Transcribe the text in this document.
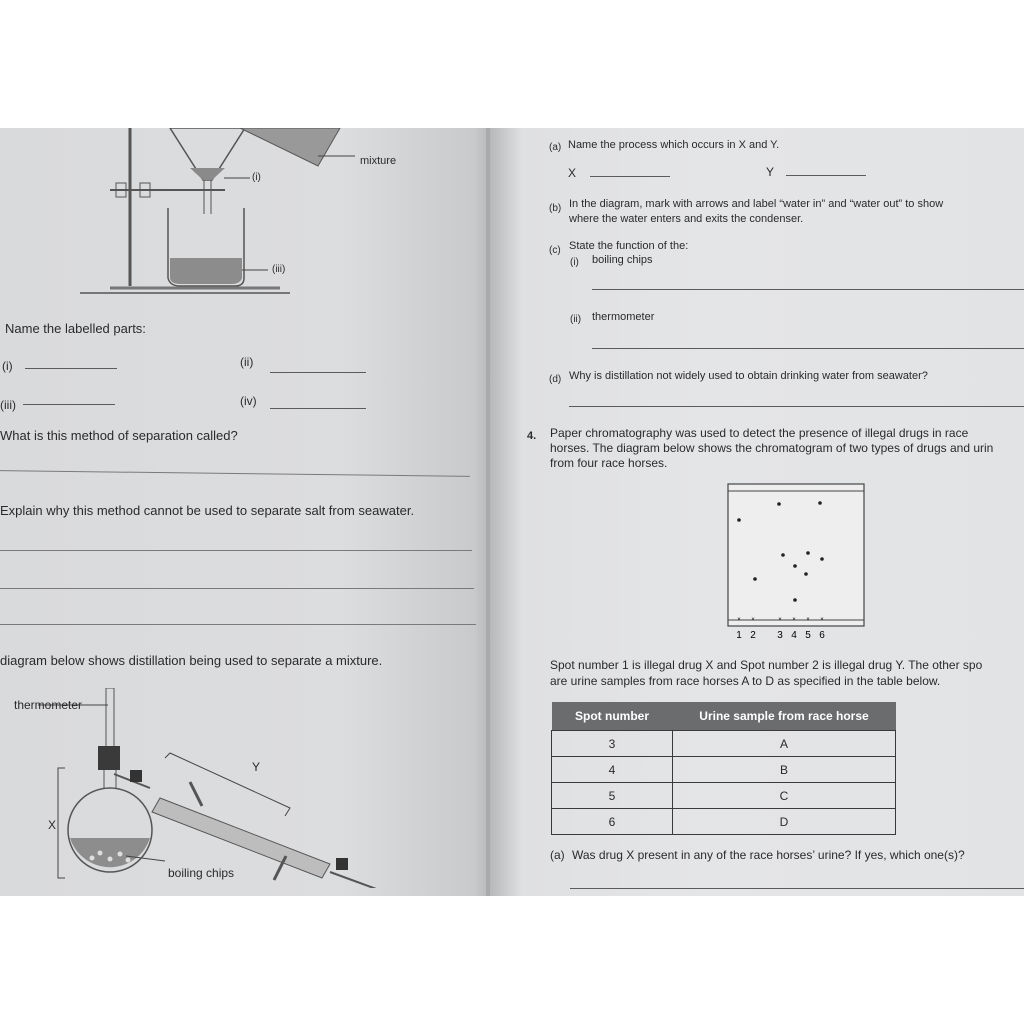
mixture
(i)
(iii)
Name the labelled parts:
(i)	(ii)
(iii)	(iv)
What is this method of separation called?
Explain why this method cannot be used to separate salt from seawater.
diagram below shows distillation being used to separate a mixture.
thermometer
Y
X
boiling chips
(a) Name the process which occurs in X and Y.
X	Y
(b) In the diagram, mark with arrows and label “water in” and “water out” to show
where the water enters and exits the condenser.
(c) State the function of the:
(i) boiling chips
(ii) thermometer
(d) Why is distillation not widely used to obtain drinking water from seawater?
4. Paper chromatography was used to detect the presence of illegal drugs in race
horses. The diagram below shows the chromatogram of two types of drugs and urin
from four race horses.
× ×	× × × ×
1 2 3 4 5 6
Spot number 1 is illegal drug X and Spot number 2 is illegal drug Y. The other spo
are urine samples from race horses A to D as specified in the table below.
(a) Was drug X present in any of the race horses’ urine? If yes, which one(s)?
Spot number	Urine sample from race horse
3	A
4	B
5	C
6	D
